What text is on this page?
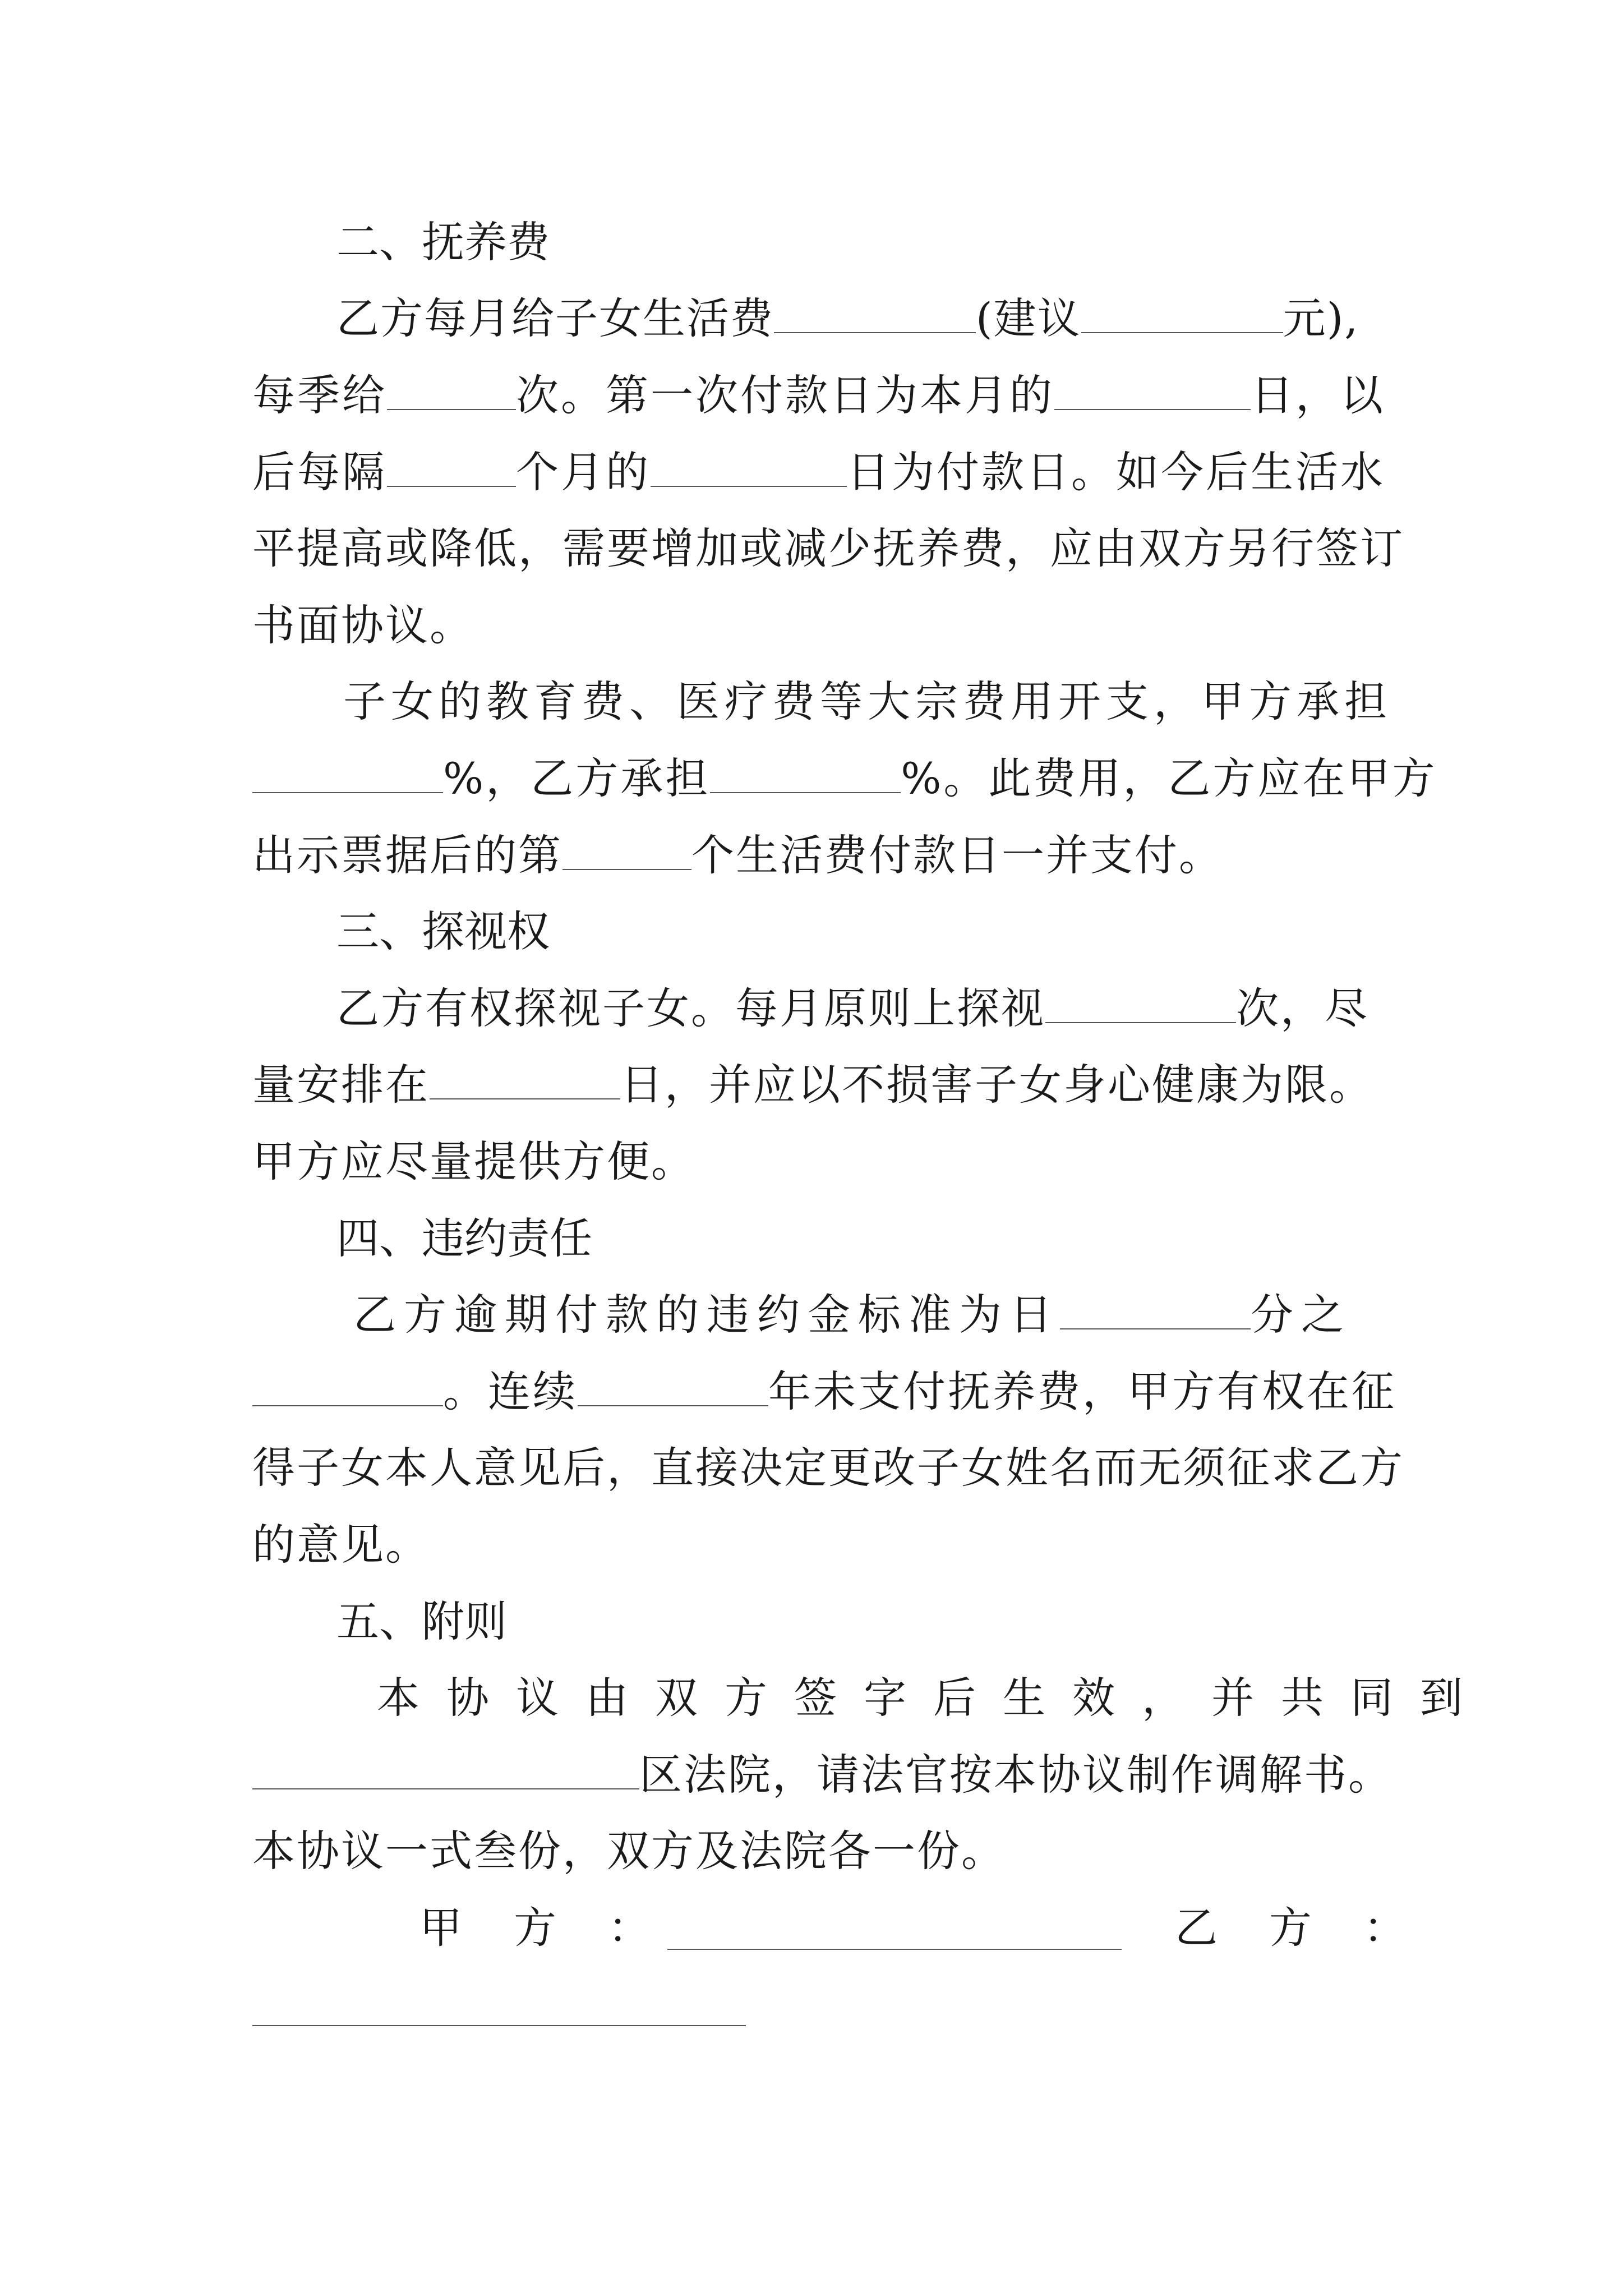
二、抚养费
乙方每月给子女生活费	(建议	元),
每季给	次。第一次付款日为本月的	日，以
后每隔	个月的	日为付款日。如今后生活水
平提高或降低，需要增加或减少抚养费，应由双方另行签订
书面协议。
子女的教育费、医疗费等大宗费用开支，甲方承担
%，乙方承担	%。此费用，乙方应在甲方
出示票据后的第	个生活费付款日一并支付。
三、探视权
乙方有权探视子女。每月原则上探视	次，尽
量安排在	日，并应以不损害子女身心健康为限。
甲方应尽量提供方便。
四、违约责任
乙方逾期付款的违约金标准为日	分之
。连续	年未支付抚养费，甲方有权在征
得子女本人意见后，直接决定更改子女姓名而无须征求乙方
的意见。
五、附则
本协议由双方签字后生效，并共同到
区法院，请法官按本协议制作调解书。
本协议一式叁份，双方及法院各一份。
甲　方　：	乙　方　：
